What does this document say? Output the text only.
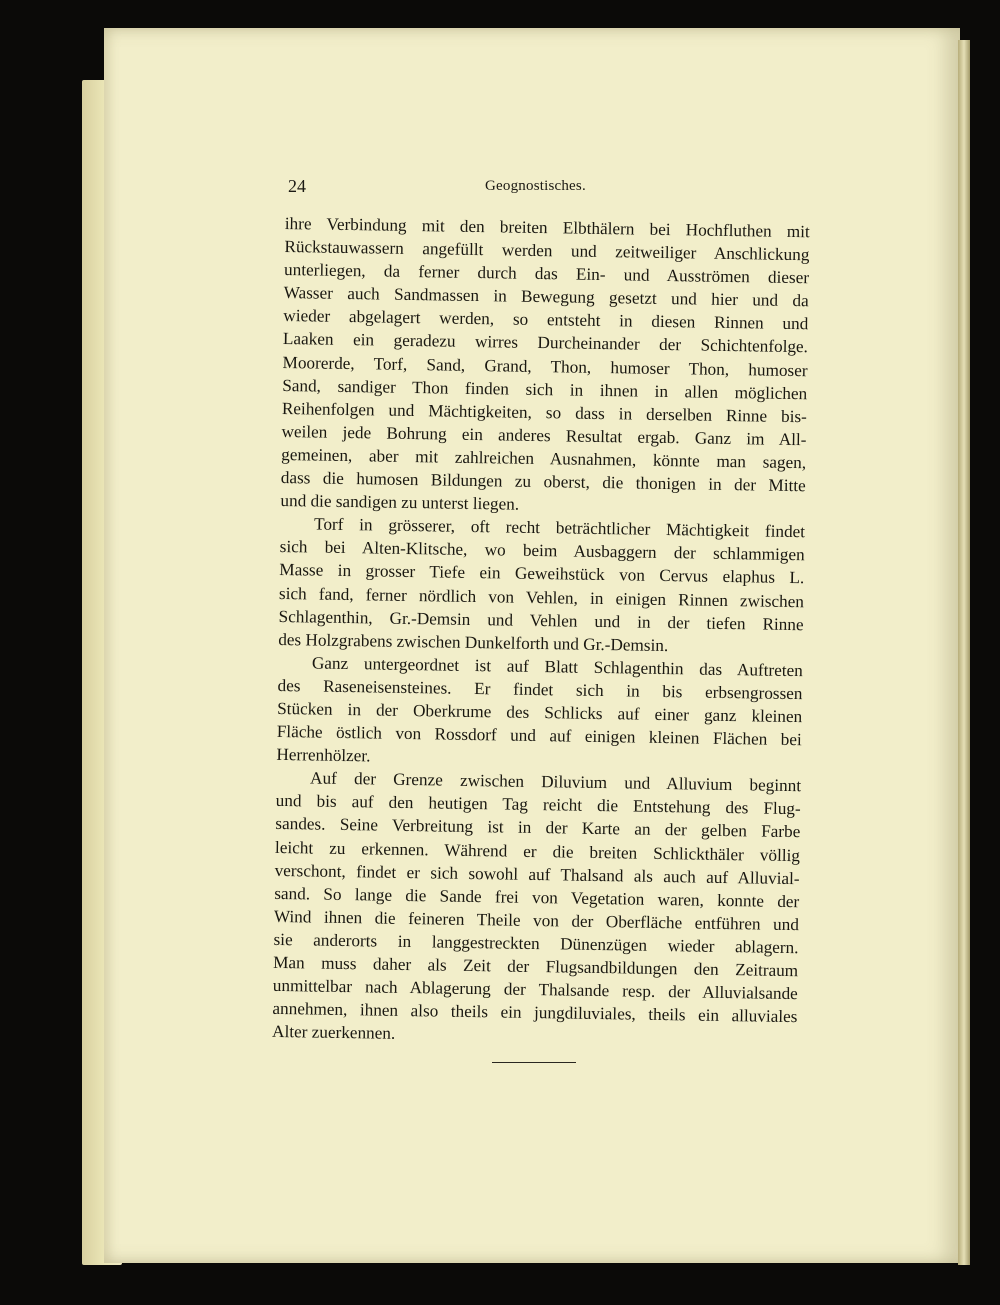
24	Geognostisches.
ihre Verbindung mit den breiten Elbthälern bei Hochfluthen mit
Rückstauwassern angefüllt werden und zeitweiliger Anschlickung
unterliegen, da ferner durch das Ein- und Ausströmen dieser
Wasser auch Sandmassen in Bewegung gesetzt und hier und da
wieder abgelagert werden, so entsteht in diesen Rinnen und
Laaken ein geradezu wirres Durcheinander der Schichtenfolge.
Moorerde, Torf, Sand, Grand, Thon, humoser Thon, humoser
Sand, sandiger Thon finden sich in ihnen in allen möglichen
Reihenfolgen und Mächtigkeiten, so dass in derselben Rinne bis-
weilen jede Bohrung ein anderes Resultat ergab. Ganz im All-
gemeinen, aber mit zahlreichen Ausnahmen, könnte man sagen,
dass die humosen Bildungen zu oberst, die thonigen in der Mitte
und die sandigen zu unterst liegen.
Torf in grösserer, oft recht beträchtlicher Mächtigkeit findet
sich bei Alten-Klitsche, wo beim Ausbaggern der schlammigen
Masse in grosser Tiefe ein Geweihstück von Cervus elaphus L.
sich fand, ferner nördlich von Vehlen, in einigen Rinnen zwischen
Schlagenthin, Gr.-Demsin und Vehlen und in der tiefen Rinne
des Holzgrabens zwischen Dunkelforth und Gr.-Demsin.
Ganz untergeordnet ist auf Blatt Schlagenthin das Auftreten
des Raseneisensteines. Er findet sich in bis erbsengrossen
Stücken in der Oberkrume des Schlicks auf einer ganz kleinen
Fläche östlich von Rossdorf und auf einigen kleinen Flächen bei
Herrenhölzer.
Auf der Grenze zwischen Diluvium und Alluvium beginnt
und bis auf den heutigen Tag reicht die Entstehung des Flug-
sandes. Seine Verbreitung ist in der Karte an der gelben Farbe
leicht zu erkennen. Während er die breiten Schlickthäler völlig
verschont, findet er sich sowohl auf Thalsand als auch auf Alluvial-
sand. So lange die Sande frei von Vegetation waren, konnte der
Wind ihnen die feineren Theile von der Oberfläche entführen und
sie anderorts in langgestreckten Dünenzügen wieder ablagern.
Man muss daher als Zeit der Flugsandbildungen den Zeitraum
unmittelbar nach Ablagerung der Thalsande resp. der Alluvialsande
annehmen, ihnen also theils ein jungdiluviales, theils ein alluviales
Alter zuerkennen.
